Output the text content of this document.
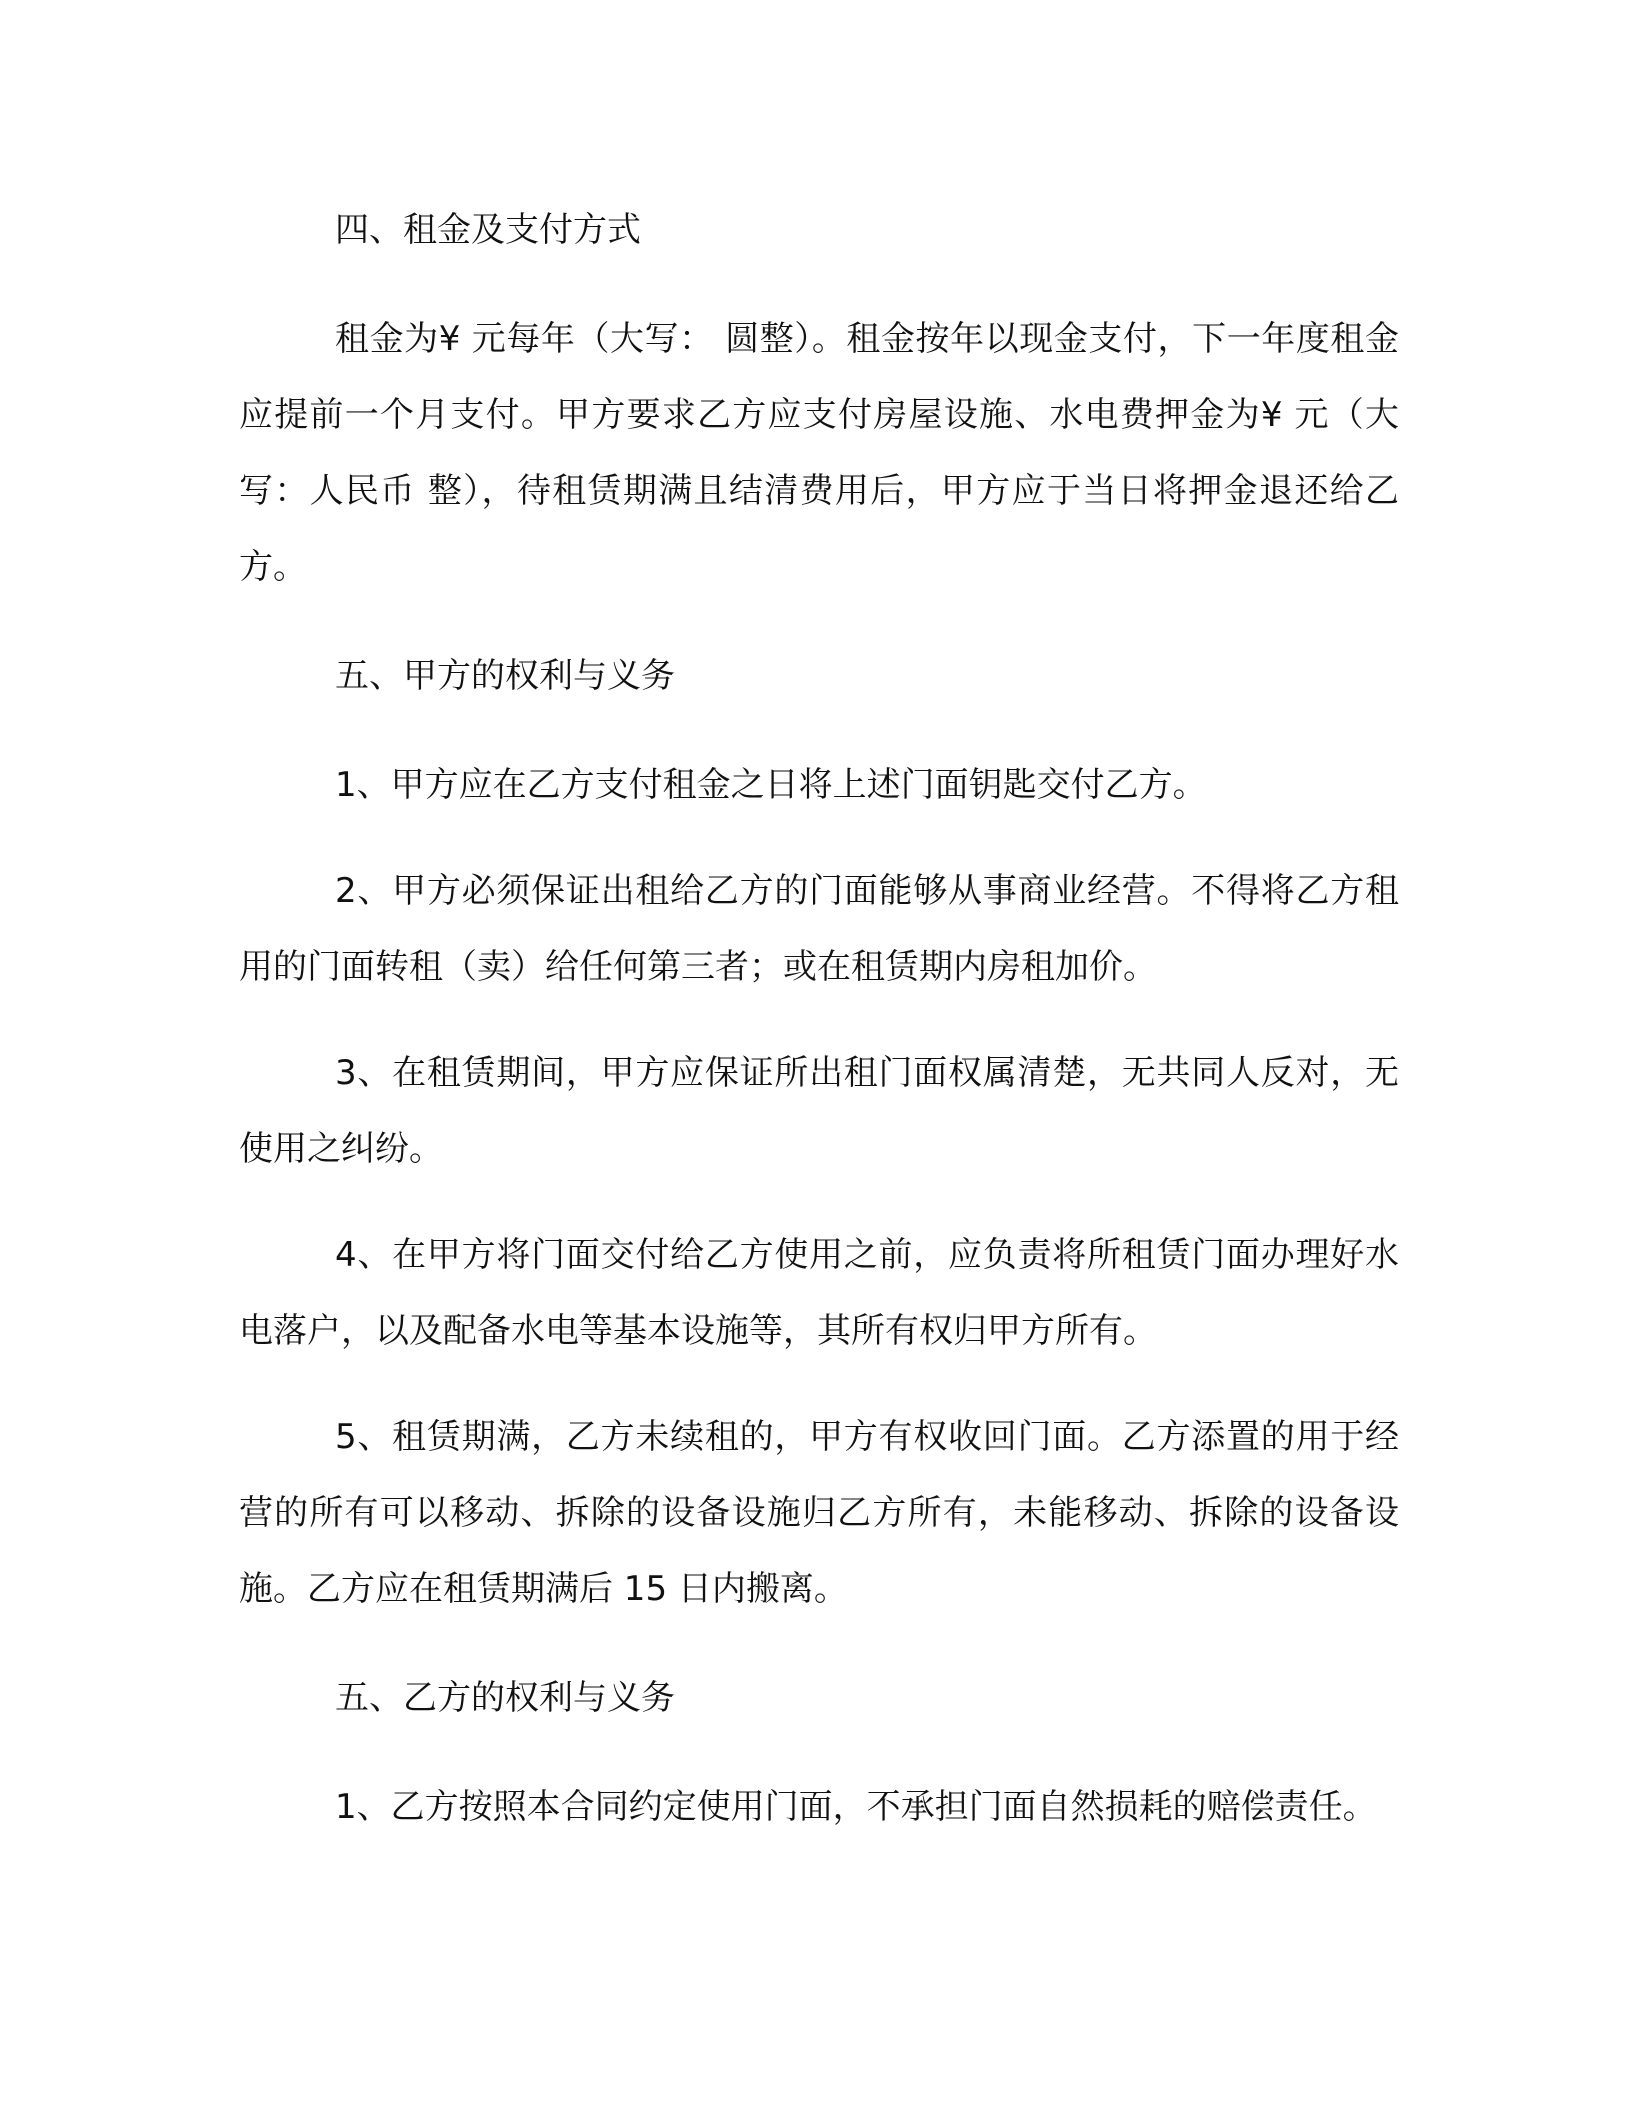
四、租金及支付方式

租金为¥ 元每年（大写： 圆整）。租金按年以现金支付，下一年度租金应提前一个月支付。甲方要求乙方应支付房屋设施、水电费押金为¥ 元（大写：人民币 整），待租赁期满且结清费用后，甲方应于当日将押金退还给乙方。

五、甲方的权利与义务

1、甲方应在乙方支付租金之日将上述门面钥匙交付乙方。

2、甲方必须保证出租给乙方的门面能够从事商业经营。不得将乙方租用的门面转租（卖）给任何第三者；或在租赁期内房租加价。

3、在租赁期间，甲方应保证所出租门面权属清楚，无共同人反对，无使用之纠纷。

4、在甲方将门面交付给乙方使用之前，应负责将所租赁门面办理好水电落户，以及配备水电等基本设施等，其所有权归甲方所有。

5、租赁期满，乙方未续租的，甲方有权收回门面。乙方添置的用于经营的所有可以移动、拆除的设备设施归乙方所有，未能移动、拆除的设备设施。乙方应在租赁期满后 15 日内搬离。

五、乙方的权利与义务

1、乙方按照本合同约定使用门面，不承担门面自然损耗的赔偿责任。
